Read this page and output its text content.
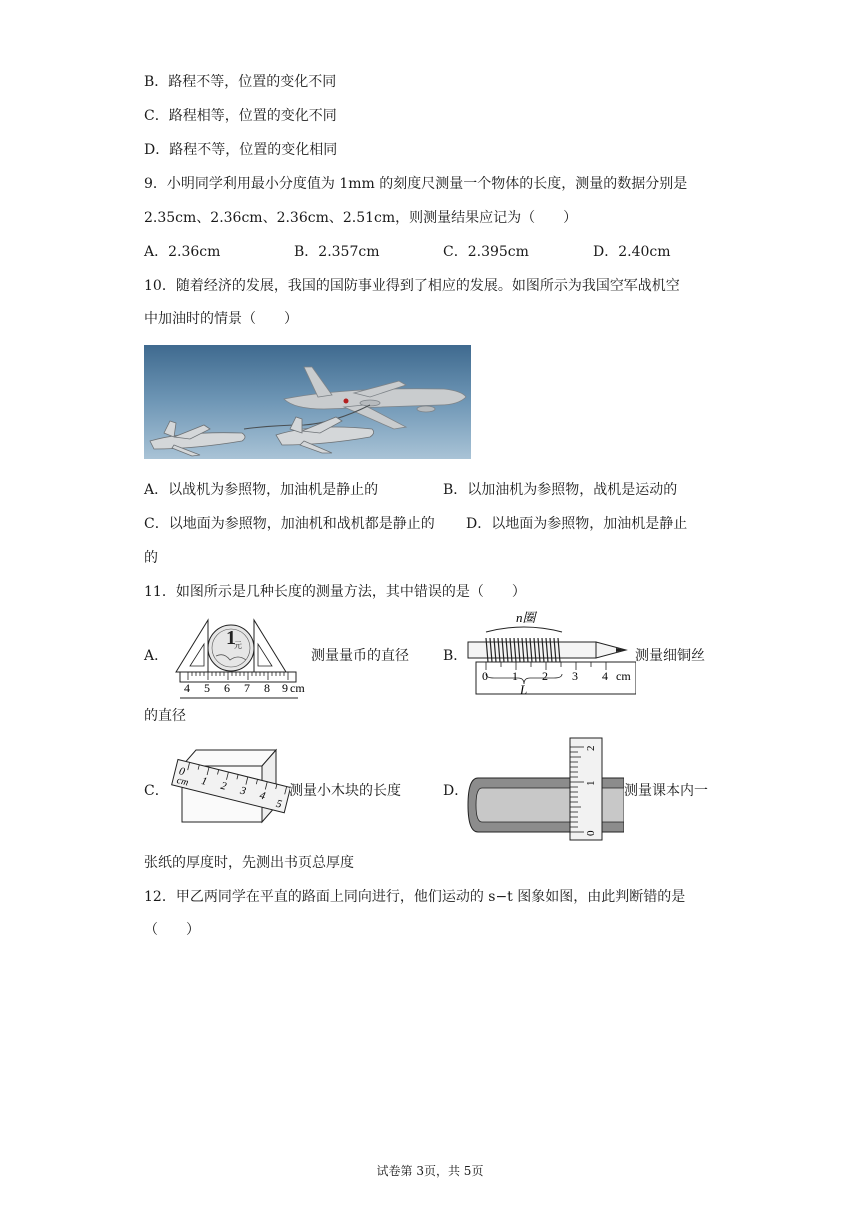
B．路程不等，位置的变化不同
C．路程相等，位置的变化不同
D．路程不等，位置的变化相同
9．小明同学利用最小分度值为 1mm 的刻度尺测量一个物体的长度，测量的数据分别是
2.35cm、2.36cm、2.36cm、2.51cm，则测量结果应记为（　　）
A．2.36cm	B．2.357cm	C．2.395cm	D．2.40cm
10．随着经济的发展，我国的国防事业得到了相应的发展。如图所示为我国空军战机空
中加油时的情景（　　）
A．以战机为参照物，加油机是静止的	B．以加油机为参照物，战机是运动的
C．以地面为参照物，加油机和战机都是静止的 D．以地面为参照物，加油机是静止
的
11．如图所示是几种长度的测量方法，其中错误的是（　　）
A．
1
元
4 5 6 7 8 9 cm
测量量币的直径 B．
n圈
0 1 2 3 4 cm
L
测量细铜丝
的直径
C．
0
1 2 3 4
5
cm
测量小木块的长度	D．
0
1
2
测量课本内一
张纸的厚度时，先测出书页总厚度
12．甲乙两同学在平直的路面上同向进行，他们运动的 s−t 图象如图，由此判断错的是
（　　）
试卷第 3页，共 5页
